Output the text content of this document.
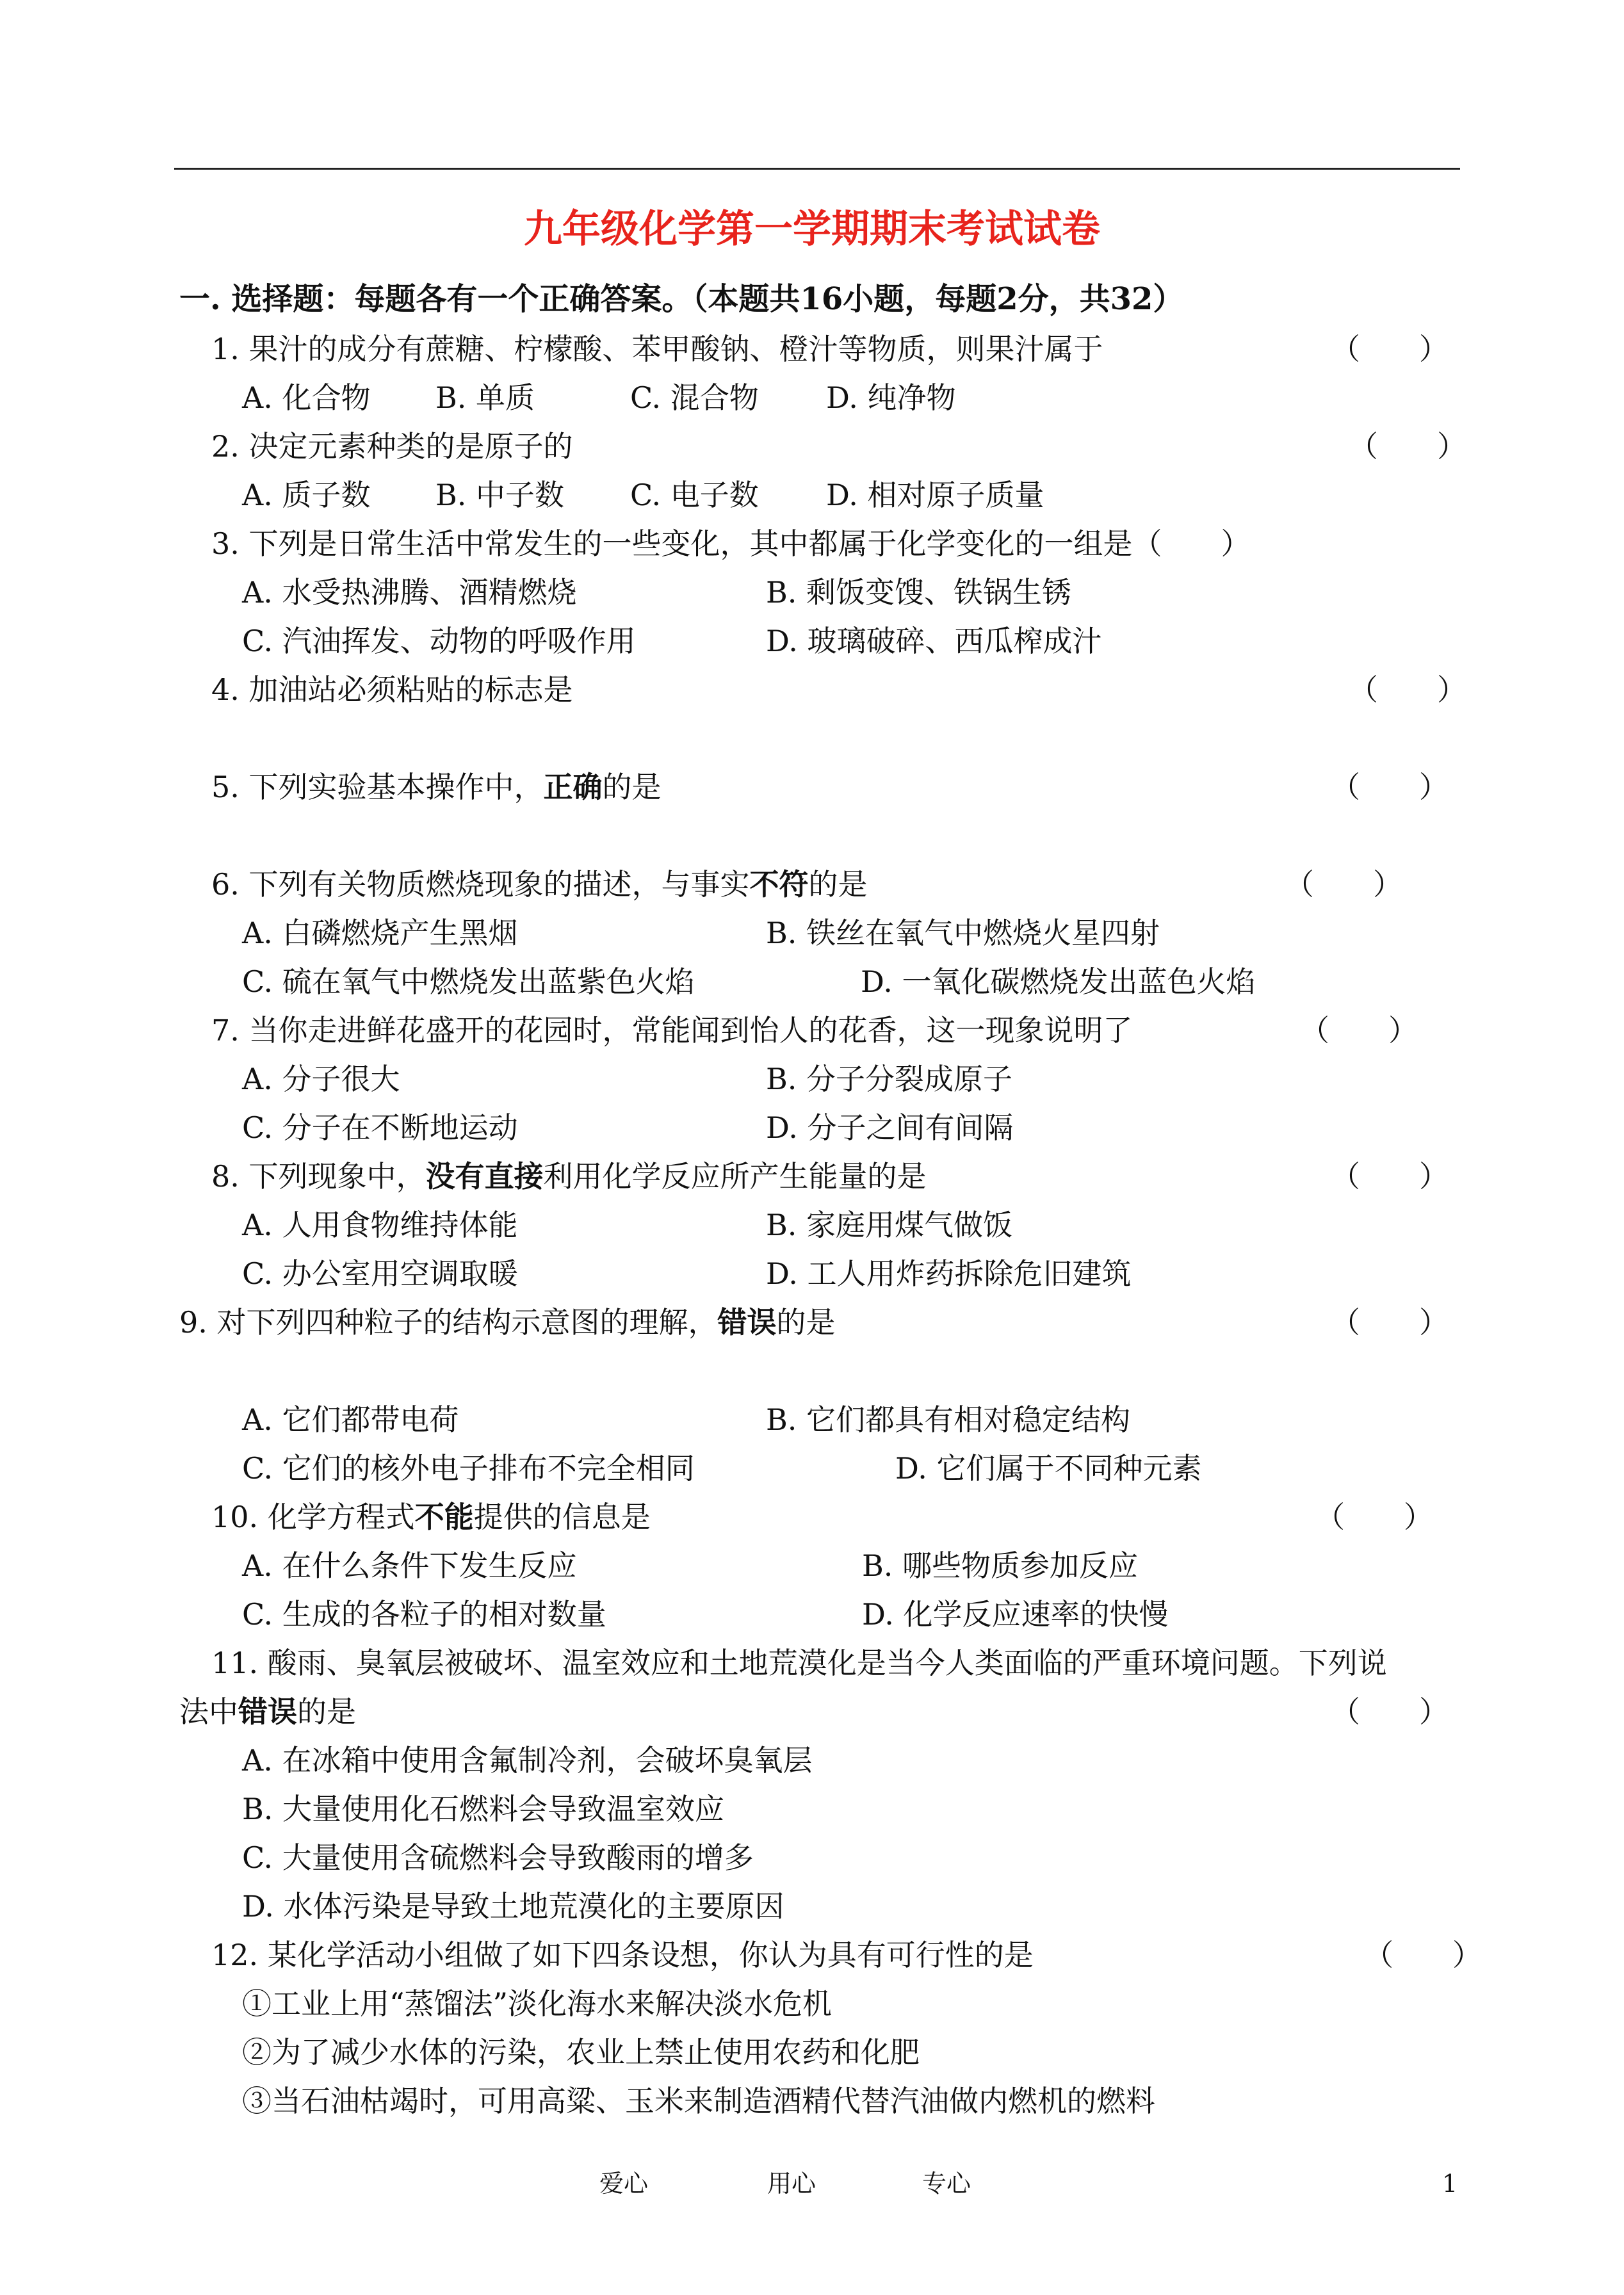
九年级化学第一学期期末考试试卷
一. 选择题：每题各有一个正确答案。（本题共16小题，每题2分，共32）
1. 果汁的成分有蔗糖、柠檬酸、苯甲酸钠、橙汁等物质，则果汁属于	（　　）
A. 化合物 B. 单质	C. 混合物 D. 纯净物
2. 决定元素种类的是原子的	（　　）
A. 质子数 B. 中子数 C. 电子数 D. 相对原子质量
3. 下列是日常生活中常发生的一些变化，其中都属于化学变化的一组是（　　）
A. 水受热沸腾、酒精燃烧	B. 剩饭变馊、铁锅生锈
C. 汽油挥发、动物的呼吸作用	D. 玻璃破碎、西瓜榨成汁
4. 加油站必须粘贴的标志是	（　　）
5. 下列实验基本操作中，正确的是	（　　）
6. 下列有关物质燃烧现象的描述，与事实不符的是	（　　）
A. 白磷燃烧产生黑烟	B. 铁丝在氧气中燃烧火星四射
C. 硫在氧气中燃烧发出蓝紫色火焰	D. 一氧化碳燃烧发出蓝色火焰
7. 当你走进鲜花盛开的花园时，常能闻到怡人的花香，这一现象说明了	（　　）
A. 分子很大	B. 分子分裂成原子
C. 分子在不断地运动	D. 分子之间有间隔
8. 下列现象中，没有直接利用化学反应所产生能量的是	（　　）
A. 人用食物维持体能	B. 家庭用煤气做饭
C. 办公室用空调取暖	D. 工人用炸药拆除危旧建筑
9. 对下列四种粒子的结构示意图的理解，错误的是	（　　）
A. 它们都带电荷	B. 它们都具有相对稳定结构
C. 它们的核外电子排布不完全相同	D. 它们属于不同种元素
10. 化学方程式不能提供的信息是	（　　）
A. 在什么条件下发生反应	B. 哪些物质参加反应
C. 生成的各粒子的相对数量	D. 化学反应速率的快慢
11. 酸雨、臭氧层被破坏、温室效应和土地荒漠化是当今人类面临的严重环境问题。下列说
法中错误的是	（　　）
A. 在冰箱中使用含氟制冷剂，会破坏臭氧层
B. 大量使用化石燃料会导致温室效应
C. 大量使用含硫燃料会导致酸雨的增多
D. 水体污染是导致土地荒漠化的主要原因
12. 某化学活动小组做了如下四条设想，你认为具有可行性的是	（　　）
①工业上用“蒸馏法”淡化海水来解决淡水危机
②为了减少水体的污染，农业上禁止使用农药和化肥
③当石油枯竭时，可用高粱、玉米来制造酒精代替汽油做内燃机的燃料
爱心	用心	专心	1
